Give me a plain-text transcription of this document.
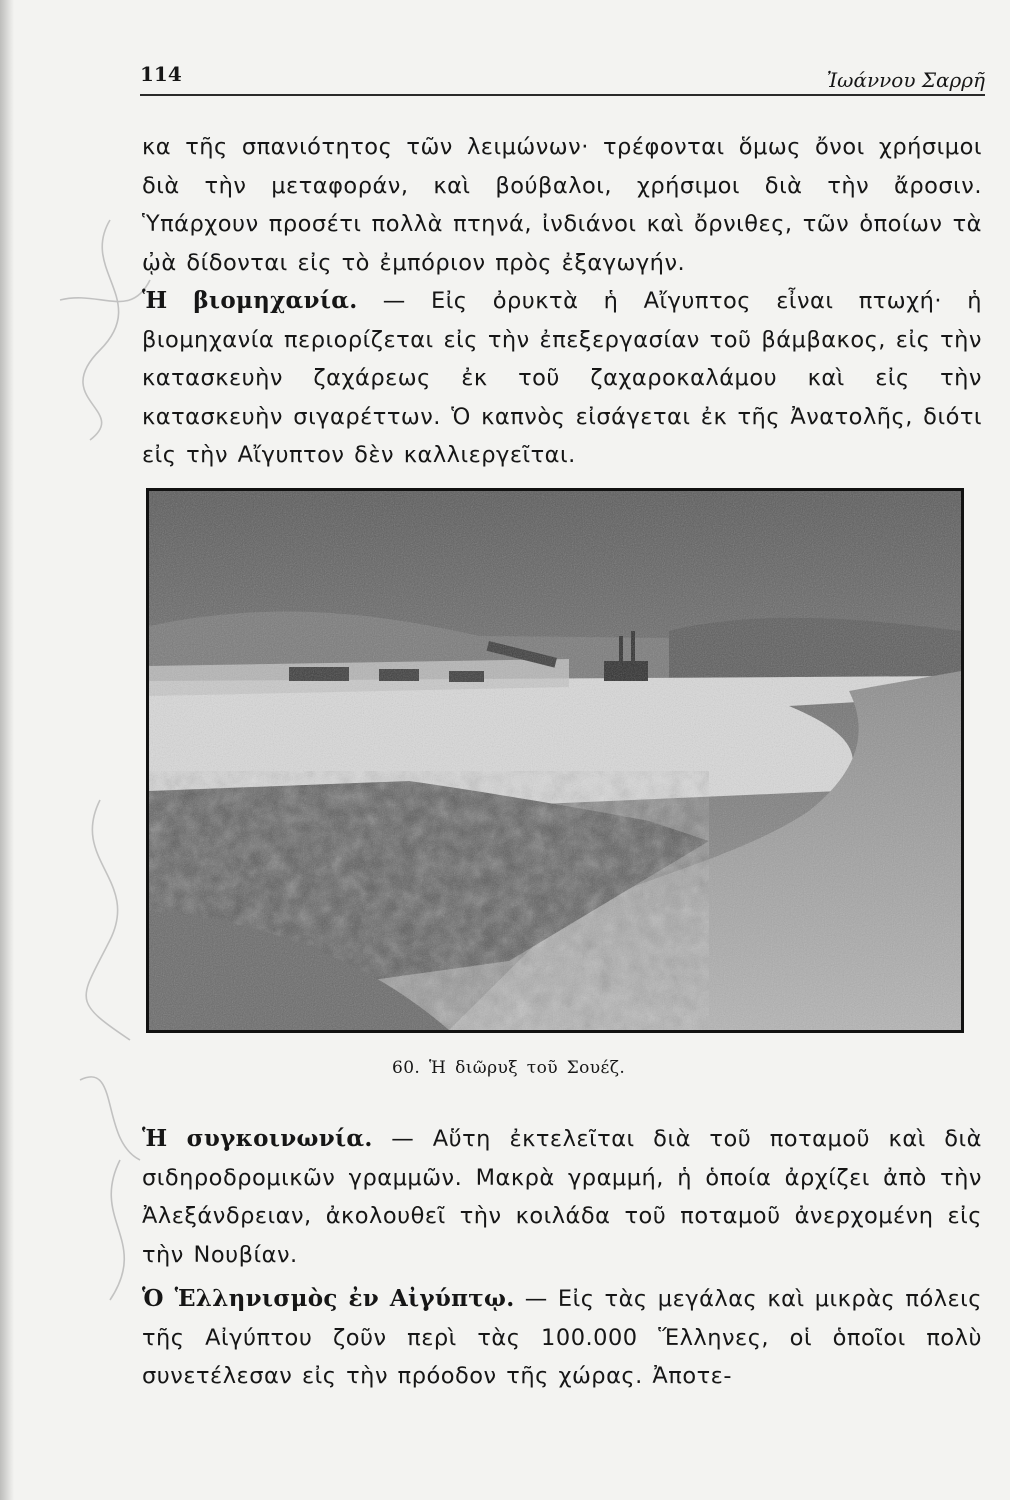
114	Ἰωάννου Σαρρῆ

κα τῆς σπανιότητος τῶν λειμώνων· τρέφονται ὅμως ὄνοι χρήσιμοι διὰ τὴν μεταφοράν, καὶ βούβαλοι, χρήσιμοι διὰ τὴν ἄροσιν. Ὑπάρχουν προσέτι πολλὰ πτηνά, ἰνδιάνοι καὶ ὄρνιθες, τῶν ὁποίων τὰ ᾠὰ δίδονται εἰς τὸ ἐμπόριον πρὸς ἐξαγωγήν.

Ἡ βιομηχανία. — Εἰς ὀρυκτὰ ἡ Αἴγυπτος εἶναι πτωχή· ἡ βιομηχανία περιορίζεται εἰς τὴν ἐπεξεργασίαν τοῦ βάμβακος, εἰς τὴν κατασκευὴν ζαχάρεως ἐκ τοῦ ζαχαροκαλάμου καὶ εἰς τὴν κατασκευὴν σιγαρέττων. Ὁ καπνὸς εἰσάγεται ἐκ τῆς Ἀνατολῆς, διότι εἰς τὴν Αἴγυπτον δὲν καλλιεργεῖται.

60. Ἡ διῶρυξ τοῦ Σουέζ.

Ἡ συγκοινωνία. — Αὕτη ἐκτελεῖται διὰ τοῦ ποταμοῦ καὶ διὰ σιδηροδρομικῶν γραμμῶν. Μακρὰ γραμμή, ἡ ὁποία ἀρχίζει ἀπὸ τὴν Ἀλεξάνδρειαν, ἀκολουθεῖ τὴν κοιλάδα τοῦ ποταμοῦ ἀνερχομένη εἰς τὴν Νουβίαν.

Ὁ Ἑλληνισμὸς ἐν Αἰγύπτῳ. — Εἰς τὰς μεγάλας καὶ μικρὰς πόλεις τῆς Αἰγύπτου ζοῦν περὶ τὰς 100.000 Ἕλληνες, οἱ ὁποῖοι πολὺ συνετέλεσαν εἰς τὴν πρόοδον τῆς χώρας. Ἀποτε-
